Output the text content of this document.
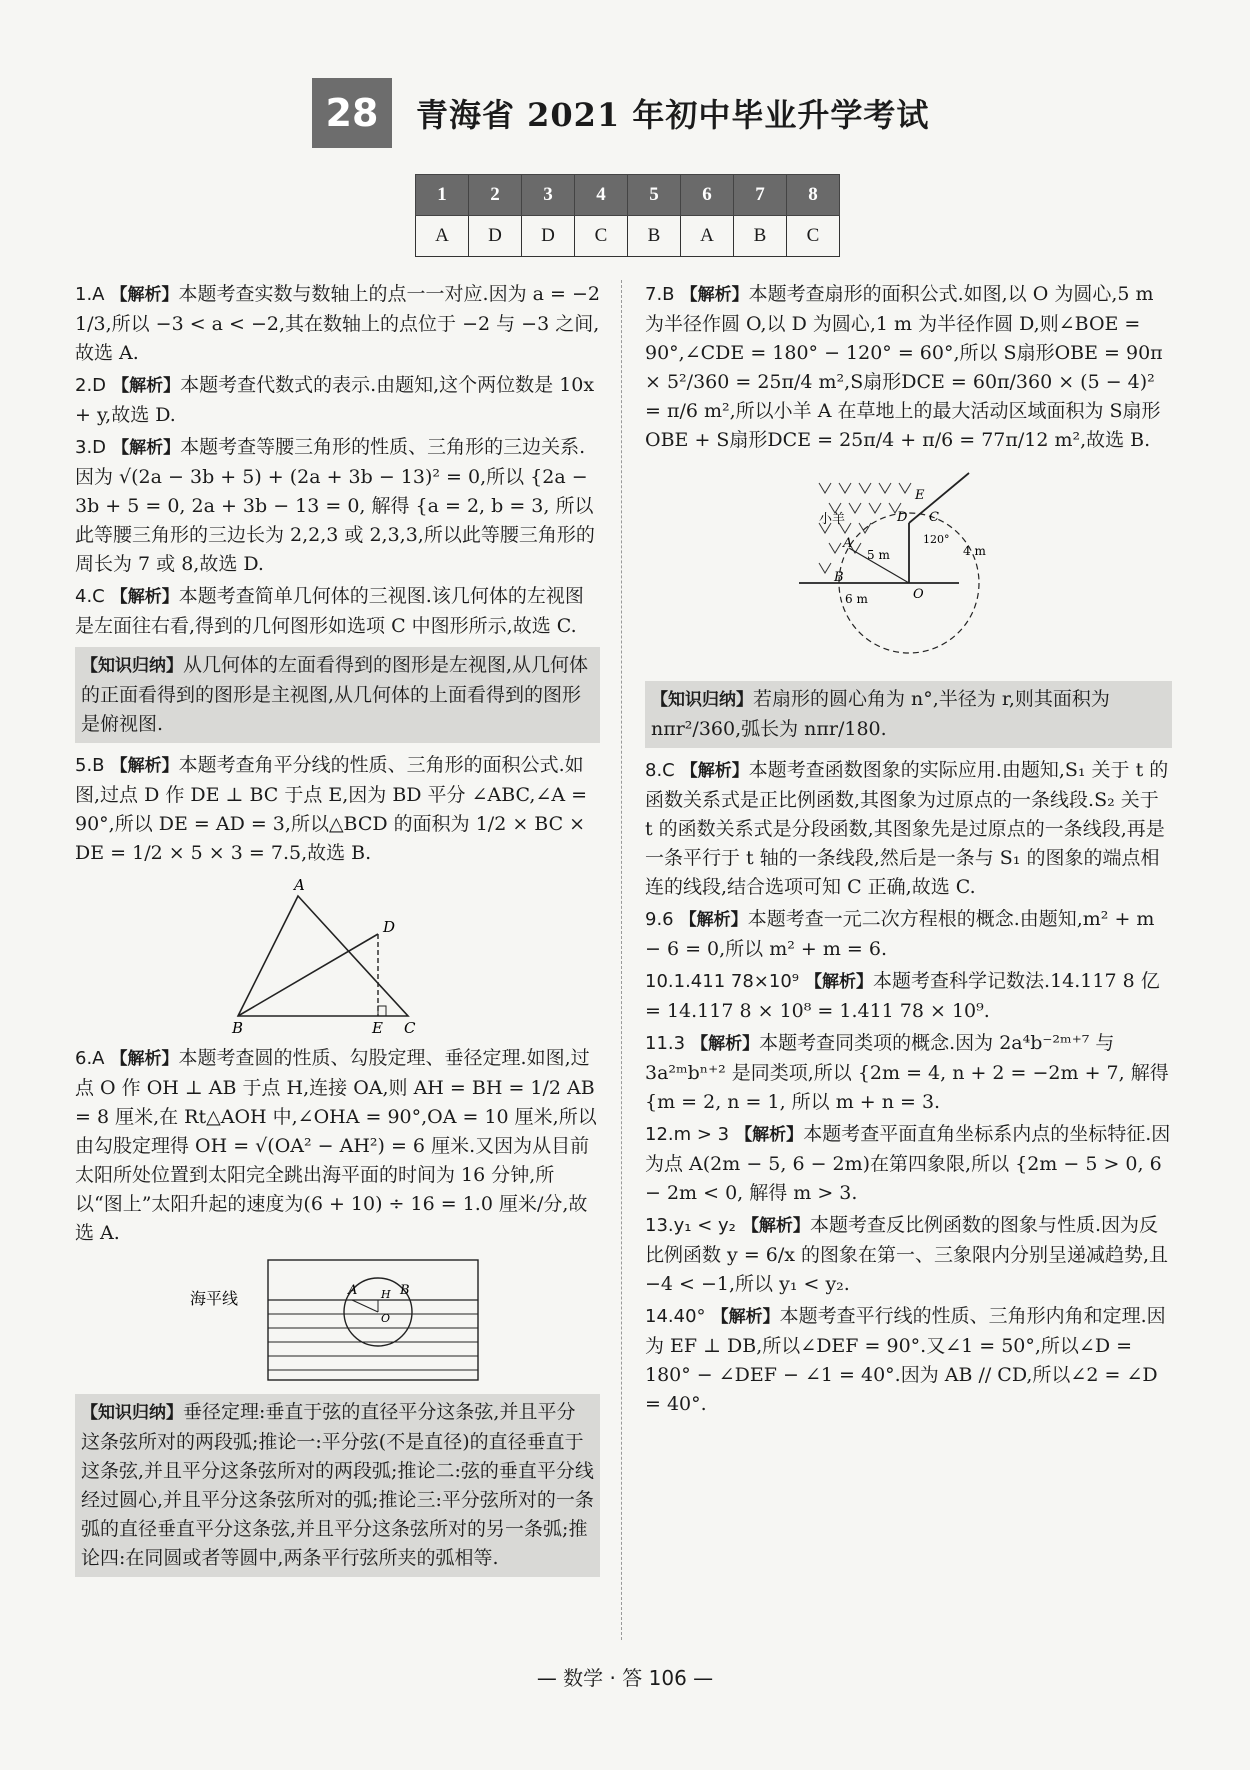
28	青海省 2021 年初中毕业升学考试
1	2	3	4	5	6	7	8
A	D	D	C	B	A	B	C
1.A 【解析】本题考查实数与数轴上的点一一对应.因为 a = −2 1/3,所以 −3 < a < −2,其在数轴上的点位于 −2 与 −3 之间,故选 A.
2.D 【解析】本题考查代数式的表示.由题知,这个两位数是 10x + y,故选 D.
3.D 【解析】本题考查等腰三角形的性质、三角形的三边关系.因为 √(2a − 3b + 5) + (2a + 3b − 13)² = 0,所以 {2a − 3b + 5 = 0, 2a + 3b − 13 = 0, 解得 {a = 2, b = 3, 所以此等腰三角形的三边长为 2,2,3 或 2,3,3,所以此等腰三角形的周长为 7 或 8,故选 D.
4.C 【解析】本题考查简单几何体的三视图.该几何体的左视图是左面往右看,得到的几何图形如选项 C 中图形所示,故选 C.
【知识归纳】从几何体的左面看得到的图形是左视图,从几何体的正面看得到的图形是主视图,从几何体的上面看得到的图形是俯视图.
5.B 【解析】本题考查角平分线的性质、三角形的面积公式.如图,过点 D 作 DE ⊥ BC 于点 E,因为 BD 平分 ∠ABC,∠A = 90°,所以 DE = AD = 3,所以△BCD 的面积为 1/2 × BC × DE = 1/2 × 5 × 3 = 7.5,故选 B.
A
B	C
D
E
6.A 【解析】本题考查圆的性质、勾股定理、垂径定理.如图,过点 O 作 OH ⊥ AB 于点 H,连接 OA,则 AH = BH = 1/2 AB = 8 厘米,在 Rt△AOH 中,∠OHA = 90°,OA = 10 厘米,所以由勾股定理得 OH = √(OA² − AH²) = 6 厘米.又因为从目前太阳所处位置到太阳完全跳出海平面的时间为 16 分钟,所以“图上”太阳升起的速度为(6 + 10) ÷ 16 = 1.0 厘米/分,故选 A.
海平线	A	B
H
O
【知识归纳】垂径定理:垂直于弦的直径平分这条弦,并且平分这条弦所对的两段弧;推论一:平分弦(不是直径)的直径垂直于这条弦,并且平分这条弦所对的两段弧;推论二:弦的垂直平分线经过圆心,并且平分这条弦所对的弧;推论三:平分弦所对的一条弧的直径垂直平分这条弦,并且平分这条弦所对的另一条弧;推论四:在同圆或者等圆中,两条平行弦所夹的弧相等.
7.B 【解析】本题考查扇形的面积公式.如图,以 O 为圆心,5 m 为半径作圆 O,以 D 为圆心,1 m 为半径作圆 D,则∠BOE = 90°,∠CDE = 180° − 120° = 60°,所以 S扇形OBE = 90π × 5²/360 = 25π/4 m²,S扇形DCE = 60π/360 × (5 − 4)² = π/6 m²,所以小羊 A 在草地上的最大活动区域面积为 S扇形OBE + S扇形DCE = 25π/4 + π/6 = 77π/12 m²,故选 B.
小羊
A
B
C
D
E
O
5 m	4 m
6 m
120°
【知识归纳】若扇形的圆心角为 n°,半径为 r,则其面积为 nπr²/360,弧长为 nπr/180.
8.C 【解析】本题考查函数图象的实际应用.由题知,S₁ 关于 t 的函数关系式是正比例函数,其图象为过原点的一条线段.S₂ 关于 t 的函数关系式是分段函数,其图象先是过原点的一条线段,再是一条平行于 t 轴的一条线段,然后是一条与 S₁ 的图象的端点相连的线段,结合选项可知 C 正确,故选 C.
9.6 【解析】本题考查一元二次方程根的概念.由题知,m² + m − 6 = 0,所以 m² + m = 6.
10.1.411 78×10⁹ 【解析】本题考查科学记数法.14.117 8 亿 = 14.117 8 × 10⁸ = 1.411 78 × 10⁹.
11.3 【解析】本题考查同类项的概念.因为 2a⁴b⁻²ᵐ⁺⁷ 与 3a²ᵐbⁿ⁺² 是同类项,所以 {2m = 4, n + 2 = −2m + 7, 解得 {m = 2, n = 1, 所以 m + n = 3.
12.m > 3 【解析】本题考查平面直角坐标系内点的坐标特征.因为点 A(2m − 5, 6 − 2m)在第四象限,所以 {2m − 5 > 0, 6 − 2m < 0, 解得 m > 3.
13.y₁ < y₂ 【解析】本题考查反比例函数的图象与性质.因为反比例函数 y = 6/x 的图象在第一、三象限内分别呈递减趋势,且 −4 < −1,所以 y₁ < y₂.
14.40° 【解析】本题考查平行线的性质、三角形内角和定理.因为 EF ⊥ DB,所以∠DEF = 90°.又∠1 = 50°,所以∠D = 180° − ∠DEF − ∠1 = 40°.因为 AB // CD,所以∠2 = ∠D = 40°.
— 数学 · 答 106 —
